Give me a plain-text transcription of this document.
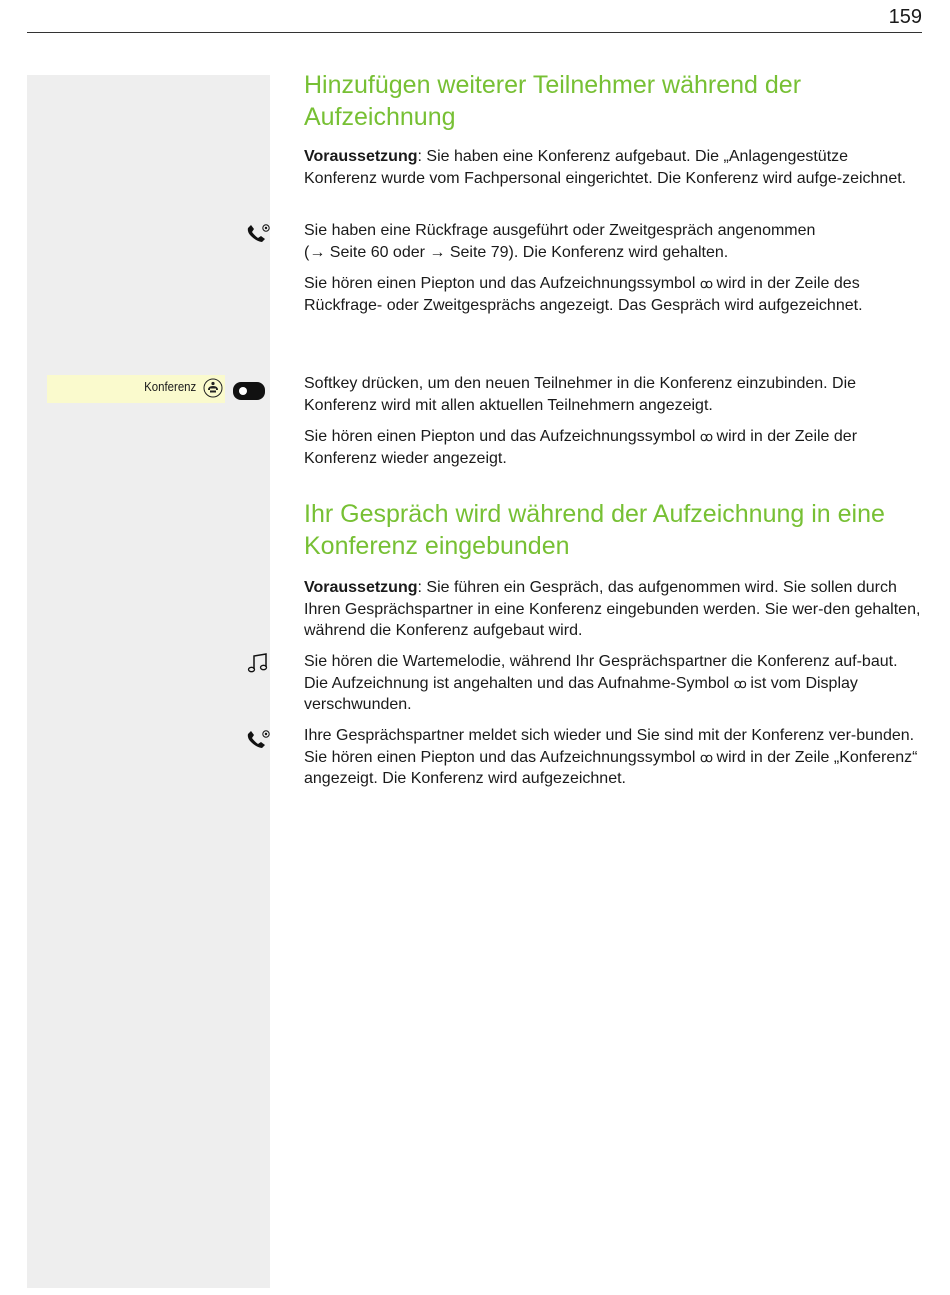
159
Hinzufügen weiterer Teilnehmer während der
Aufzeichnung

Voraussetzung: Sie haben eine Konferenz aufgebaut. Die „Anlagengestütze Konferenz wurde vom Fachpersonal eingerichtet. Die Konferenz wird aufge-zeichnet.

Sie haben eine Rückfrage ausgeführt oder Zweitgespräch angenommen
(→ Seite 60 oder → Seite 79). Die Konferenz wird gehalten.

Sie hören einen Piepton und das Aufzeichnungssymbol ꝏ wird in der Zeile des Rückfrage- oder Zweitgesprächs angezeigt. Das Gespräch wird aufgezeichnet.

Konferenz	Softkey drücken, um den neuen Teilnehmer in die Konferenz einzubinden. Die Konferenz wird mit allen aktuellen Teilnehmern angezeigt.

Sie hören einen Piepton und das Aufzeichnungssymbol ꝏ wird in der Zeile der Konferenz wieder angezeigt.

Ihr Gespräch wird während der Aufzeichnung in eine
Konferenz eingebunden

Voraussetzung: Sie führen ein Gespräch, das aufgenommen wird. Sie sollen durch Ihren Gesprächspartner in eine Konferenz eingebunden werden. Sie wer-den gehalten, während die Konferenz aufgebaut wird.

Sie hören die Wartemelodie, während Ihr Gesprächspartner die Konferenz auf-baut. Die Aufzeichnung ist angehalten und das Aufnahme-Symbol ꝏ ist vom Display verschwunden.

Ihre Gesprächspartner meldet sich wieder und Sie sind mit der Konferenz ver-bunden. Sie hören einen Piepton und das Aufzeichnungssymbol ꝏ wird in der Zeile „Konferenz“ angezeigt. Die Konferenz wird aufgezeichnet.
